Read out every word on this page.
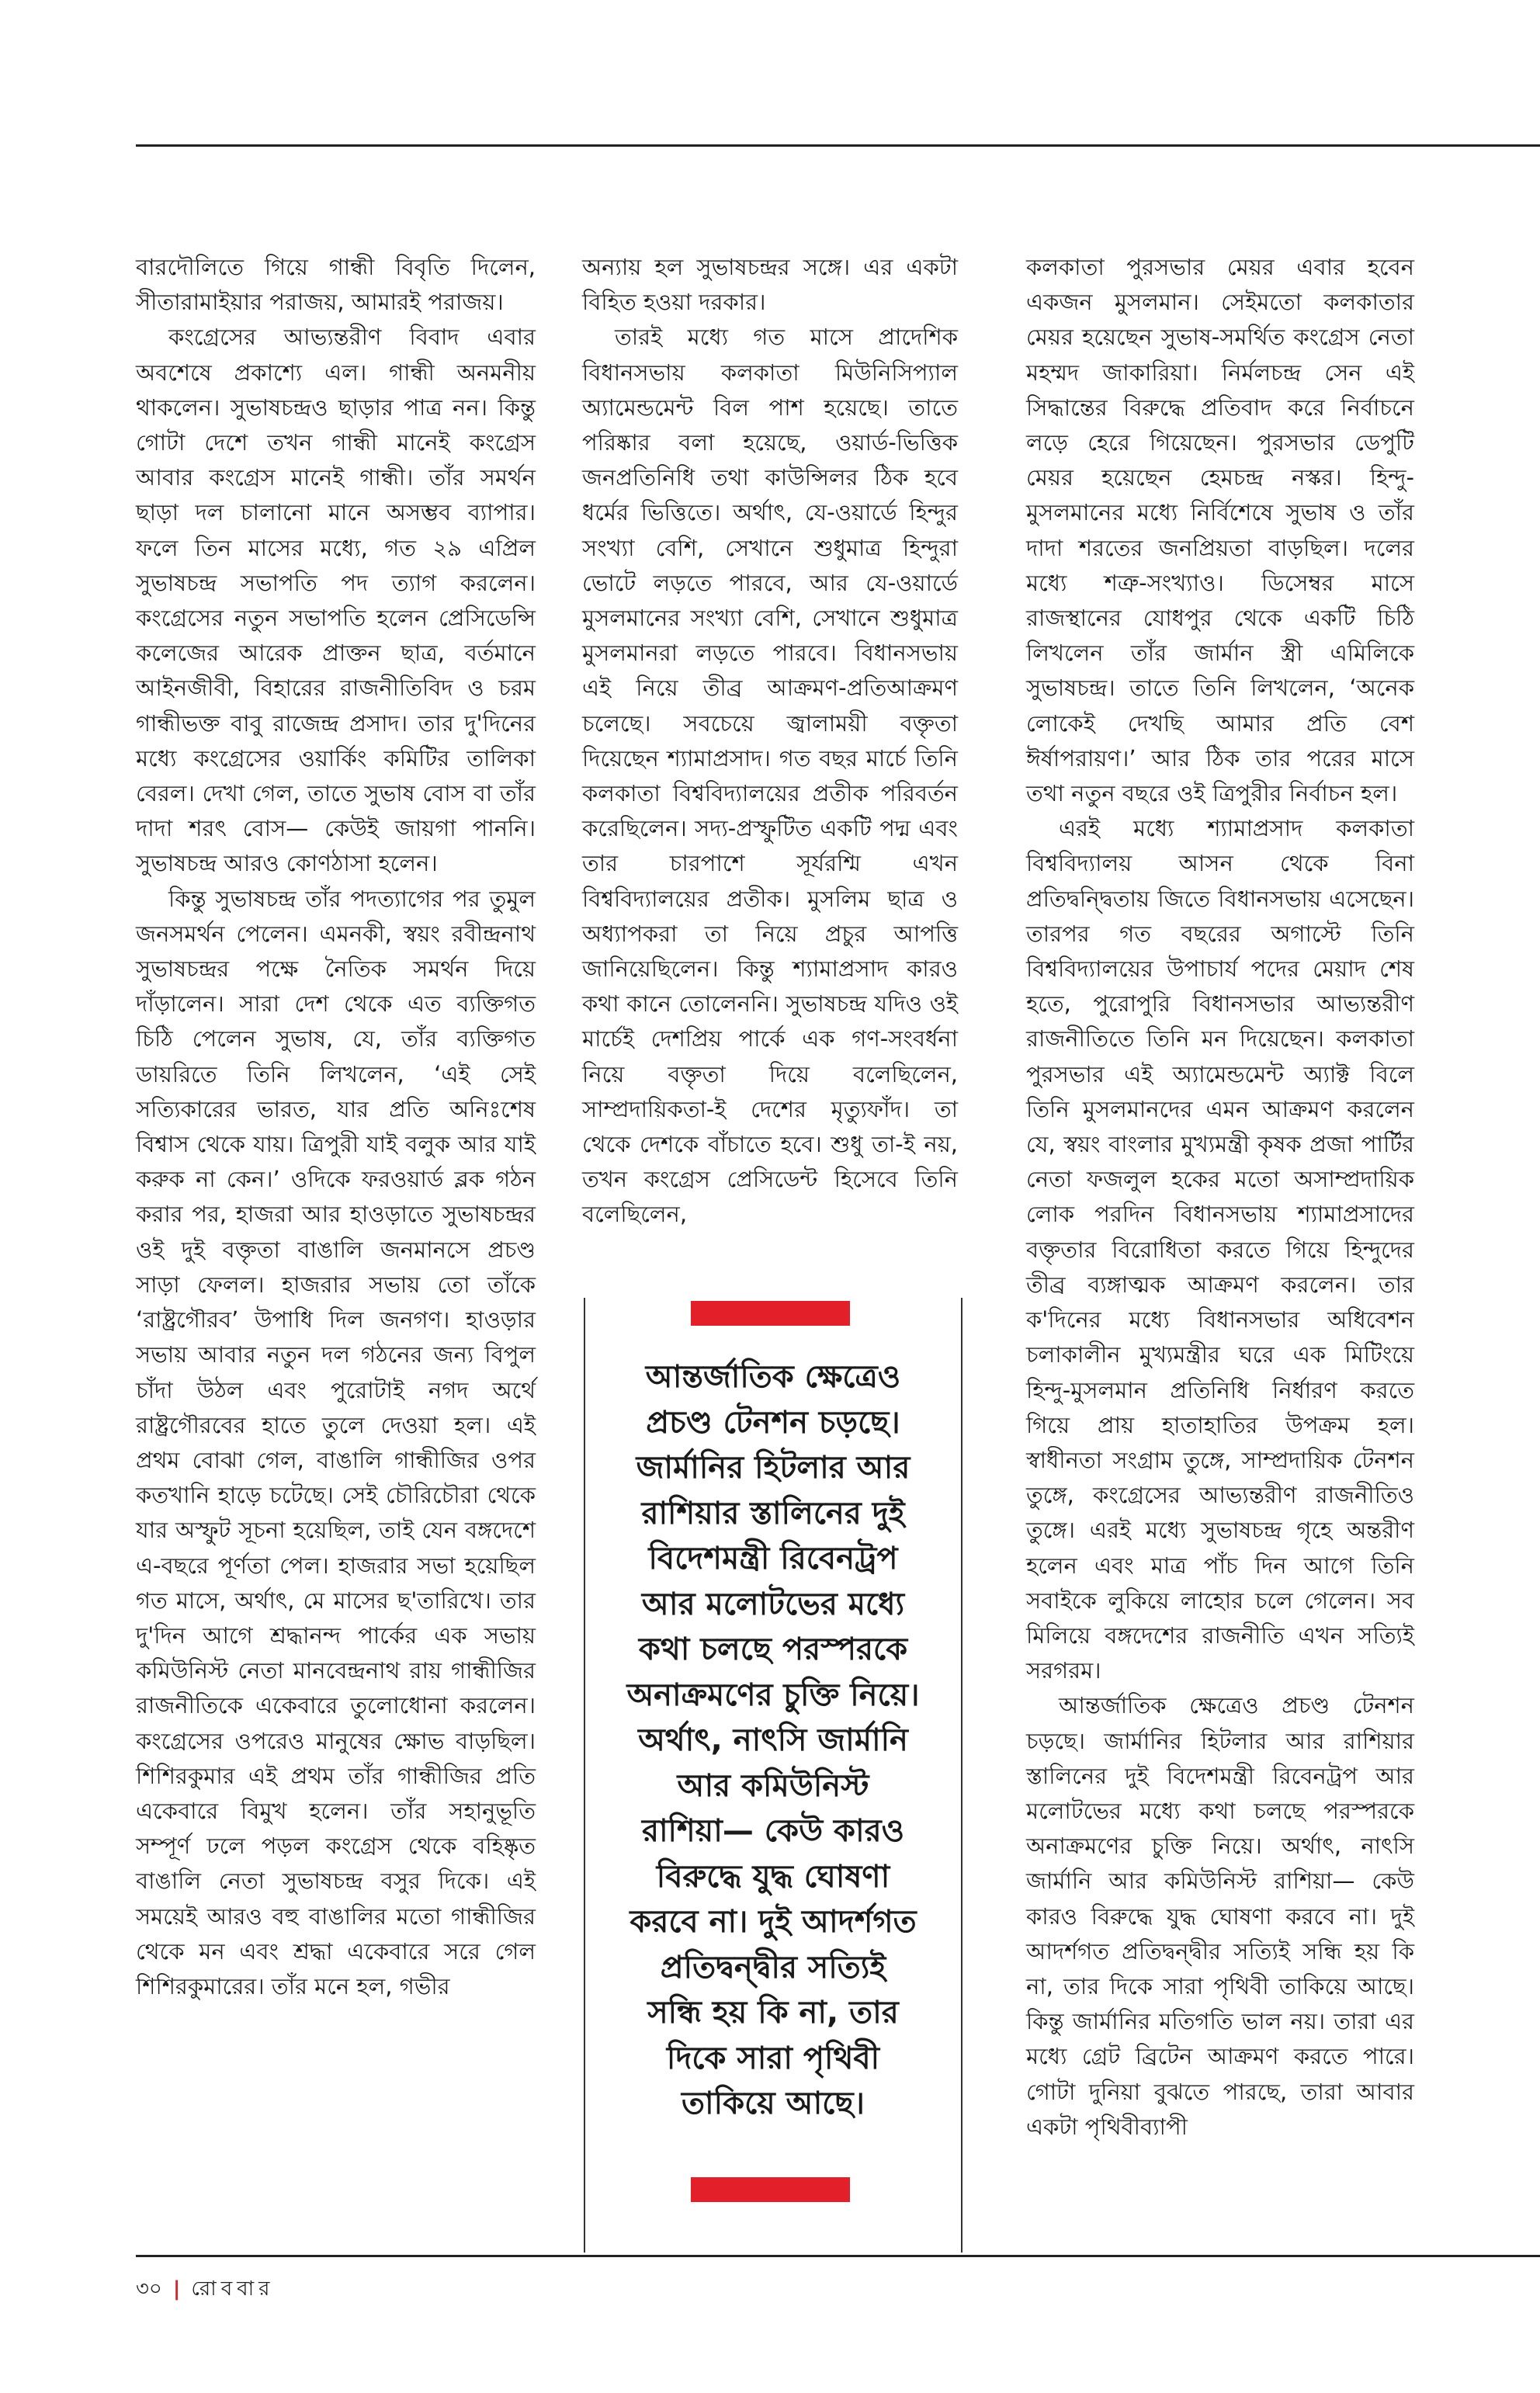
বারদৌলিতে গিয়ে গান্ধী বিবৃতি দিলেন, সীতারামাইয়ার পরাজয়, আমারই পরাজয়।

কংগ্রেসের আভ্যন্তরীণ বিবাদ এবার অবশেষে প্রকাশ্যে এল। গান্ধী অনমনীয় থাকলেন। সুভাষচন্দ্রও ছাড়ার পাত্র নন। কিন্তু গোটা দেশে তখন গান্ধী মানেই কংগ্রেস আবার কংগ্রেস মানেই গান্ধী। তাঁর সমর্থন ছাড়া দল চালানো মানে অসম্ভব ব্যাপার। ফলে তিন মাসের মধ্যে, গত ২৯ এপ্রিল সুভাষচন্দ্র সভাপতি পদ ত্যাগ করলেন। কংগ্রেসের নতুন সভাপতি হলেন প্রেসিডেন্সি কলেজের আরেক প্রাক্তন ছাত্র, বর্তমানে আইনজীবী, বিহারের রাজনীতিবিদ ও চরম গান্ধীভক্ত বাবু রাজেন্দ্র প্রসাদ। তার দু'দিনের মধ্যে কংগ্রেসের ওয়ার্কিং কমিটির তালিকা বেরল। দেখা গেল, তাতে সুভাষ বোস বা তাঁর দাদা শরৎ বোস— কেউই জায়গা পাননি। সুভাষচন্দ্র আরও কোণঠাসা হলেন।

কিন্তু সুভাষচন্দ্র তাঁর পদত্যাগের পর তুমুল জনসমর্থন পেলেন। এমনকী, স্বয়ং রবীন্দ্রনাথ সুভাষচন্দ্রর পক্ষে নৈতিক সমর্থন দিয়ে দাঁড়ালেন। সারা দেশ থেকে এত ব্যক্তিগত চিঠি পেলেন সুভাষ, যে, তাঁর ব্যক্তিগত ডায়রিতে তিনি লিখলেন, ‘এই সেই সত্যিকারের ভারত, যার প্রতি অনিঃশেষ বিশ্বাস থেকে যায়। ত্রিপুরী যাই বলুক আর যাই করুক না কেন।’ ওদিকে ফরওয়ার্ড ব্লক গঠন করার পর, হাজরা আর হাওড়াতে সুভাষচন্দ্রর ওই দুই বক্তৃতা বাঙালি জনমানসে প্রচণ্ড সাড়া ফেলল। হাজরার সভায় তো তাঁকে ‘রাষ্ট্রগৌরব’ উপাধি দিল জনগণ। হাওড়ার সভায় আবার নতুন দল গঠনের জন্য বিপুল চাঁদা উঠল এবং পুরোটাই নগদ অর্থে রাষ্ট্রগৌরবের হাতে তুলে দেওয়া হল। এই প্রথম বোঝা গেল, বাঙালি গান্ধীজির ওপর কতখানি হাড়ে চটেছে। সেই চৌরিচৌরা থেকে যার অস্ফুট সূচনা হয়েছিল, তাই যেন বঙ্গদেশে এ-বছরে পূর্ণতা পেল। হাজরার সভা হয়েছিল গত মাসে, অর্থাৎ, মে মাসের ছ'তারিখে। তার দু'দিন আগে শ্রদ্ধানন্দ পার্কের এক সভায় কমিউনিস্ট নেতা মানবেন্দ্রনাথ রায় গান্ধীজির রাজনীতিকে একেবারে তুলোধোনা করলেন। কংগ্রেসের ওপরেও মানুষের ক্ষোভ বাড়ছিল। শিশিরকুমার এই প্রথম তাঁর গান্ধীজির প্রতি একেবারে বিমুখ হলেন। তাঁর সহানুভূতি সম্পূর্ণ ঢলে পড়ল কংগ্রেস থেকে বহিষ্কৃত বাঙালি নেতা সুভাষচন্দ্র বসুর দিকে। এই সময়েই আরও বহু বাঙালির মতো গান্ধীজির থেকে মন এবং শ্রদ্ধা একেবারে সরে গেল শিশিরকুমারের। তাঁর মনে হল, গভীর

অন্যায় হল সুভাষচন্দ্রর সঙ্গে। এর একটা বিহিত হওয়া দরকার।

তারই মধ্যে গত মাসে প্রাদেশিক বিধানসভায় কলকাতা মিউনিসিপ্যাল অ্যামেন্ডমেন্ট বিল পাশ হয়েছে। তাতে পরিষ্কার বলা হয়েছে, ওয়ার্ড-ভিত্তিক জনপ্রতিনিধি তথা কাউন্সিলর ঠিক হবে ধর্মের ভিত্তিতে। অর্থাৎ, যে-ওয়ার্ডে হিন্দুর সংখ্যা বেশি, সেখানে শুধুমাত্র হিন্দুরা ভোটে লড়তে পারবে, আর যে-ওয়ার্ডে মুসলমানের সংখ্যা বেশি, সেখানে শুধুমাত্র মুসলমানরা লড়তে পারবে। বিধানসভায় এই নিয়ে তীব্র আক্রমণ-প্রতিআক্রমণ চলেছে। সবচেয়ে জ্বালাময়ী বক্তৃতা দিয়েছেন শ্যামাপ্রসাদ। গত বছর মার্চে তিনি কলকাতা বিশ্ববিদ্যালয়ের প্রতীক পরিবর্তন করেছিলেন। সদ্য-প্রস্ফুটিত একটি পদ্ম এবং তার চারপাশে সূর্যরশ্মি এখন বিশ্ববিদ্যালয়ের প্রতীক। মুসলিম ছাত্র ও অধ্যাপকরা তা নিয়ে প্রচুর আপত্তি জানিয়েছিলেন। কিন্তু শ্যামাপ্রসাদ কারও কথা কানে তোলেননি। সুভাষচন্দ্র যদিও ওই মার্চেই দেশপ্রিয় পার্কে এক গণ-সংবর্ধনা নিয়ে বক্তৃতা দিয়ে বলেছিলেন, সাম্প্রদায়িকতা-ই দেশের মৃত্যুফাঁদ। তা থেকে দেশকে বাঁচাতে হবে। শুধু তা-ই নয়, তখন কংগ্রেস প্রেসিডেন্ট হিসেবে তিনি বলেছিলেন,

আন্তর্জাতিক ক্ষেত্রেও
প্রচণ্ড টেনশন চড়ছে।
জার্মানির হিটলার আর
রাশিয়ার স্তালিনের দুই
বিদেশমন্ত্রী রিবেনট্রপ
আর মলোটভের মধ্যে
কথা চলছে পরস্পরকে
অনাক্রমণের চুক্তি নিয়ে।
অর্থাৎ, নাৎসি জার্মানি
আর কমিউনিস্ট
রাশিয়া— কেউ কারও
বিরুদ্ধে যুদ্ধ ঘোষণা
করবে না। দুই আদর্শগত
প্রতিদ্বন্দ্বীর সত্যিই
সন্ধি হয় কি না, তার
দিকে সারা পৃথিবী
তাকিয়ে আছে।

কলকাতা পুরসভার মেয়র এবার হবেন একজন মুসলমান। সেইমতো কলকাতার মেয়র হয়েছেন সুভাষ-সমর্থিত কংগ্রেস নেতা মহম্মদ জাকারিয়া। নির্মলচন্দ্র সেন এই সিদ্ধান্তের বিরুদ্ধে প্রতিবাদ করে নির্বাচনে লড়ে হেরে গিয়েছেন। পুরসভার ডেপুটি মেয়র হয়েছেন হেমচন্দ্র নস্কর। হিন্দু-মুসলমানের মধ্যে নির্বিশেষে সুভাষ ও তাঁর দাদা শরতের জনপ্রিয়তা বাড়ছিল। দলের মধ্যে শত্রু-সংখ্যাও। ডিসেম্বর মাসে রাজস্থানের যোধপুর থেকে একটি চিঠি লিখলেন তাঁর জার্মান স্ত্রী এমিলিকে সুভাষচন্দ্র। তাতে তিনি লিখলেন, ‘অনেক লোকেই দেখছি আমার প্রতি বেশ ঈর্ষাপরায়ণ।’ আর ঠিক তার পরের মাসে তথা নতুন বছরে ওই ত্রিপুরীর নির্বাচন হল।

এরই মধ্যে শ্যামাপ্রসাদ কলকাতা বিশ্ববিদ্যালয় আসন থেকে বিনা প্রতিদ্বন্দ্বিতায় জিতে বিধানসভায় এসেছেন। তারপর গত বছরের অগাস্টে তিনি বিশ্ববিদ্যালয়ের উপাচার্য পদের মেয়াদ শেষ হতে, পুরোপুরি বিধানসভার আভ্যন্তরীণ রাজনীতিতে তিনি মন দিয়েছেন। কলকাতা পুরসভার এই অ্যামেন্ডমেন্ট অ্যাক্ট বিলে তিনি মুসলমানদের এমন আক্রমণ করলেন যে, স্বয়ং বাংলার মুখ্যমন্ত্রী কৃষক প্রজা পার্টির নেতা ফজলুল হকের মতো অসাম্প্রদায়িক লোক পরদিন বিধানসভায় শ্যামাপ্রসাদের বক্তৃতার বিরোধিতা করতে গিয়ে হিন্দুদের তীব্র ব্যঙ্গাত্মক আক্রমণ করলেন। তার ক'দিনের মধ্যে বিধানসভার অধিবেশন চলাকালীন মুখ্যমন্ত্রীর ঘরে এক মিটিংয়ে হিন্দু-মুসলমান প্রতিনিধি নির্ধারণ করতে গিয়ে প্রায় হাতাহাতির উপক্রম হল। স্বাধীনতা সংগ্রাম তুঙ্গে, সাম্প্রদায়িক টেনশন তুঙ্গে, কংগ্রেসের আভ্যন্তরীণ রাজনীতিও তুঙ্গে। এরই মধ্যে সুভাষচন্দ্র গৃহে অন্তরীণ হলেন এবং মাত্র পাঁচ দিন আগে তিনি সবাইকে লুকিয়ে লাহোর চলে গেলেন। সব মিলিয়ে বঙ্গদেশের রাজনীতি এখন সত্যিই সরগরম।

আন্তর্জাতিক ক্ষেত্রেও প্রচণ্ড টেনশন চড়ছে। জার্মানির হিটলার আর রাশিয়ার স্তালিনের দুই বিদেশমন্ত্রী রিবেনট্রপ আর মলোটভের মধ্যে কথা চলছে পরস্পরকে অনাক্রমণের চুক্তি নিয়ে। অর্থাৎ, নাৎসি জার্মানি আর কমিউনিস্ট রাশিয়া— কেউ কারও বিরুদ্ধে যুদ্ধ ঘোষণা করবে না। দুই আদর্শগত প্রতিদ্বন্দ্বীর সত্যিই সন্ধি হয় কি না, তার দিকে সারা পৃথিবী তাকিয়ে আছে। কিন্তু জার্মানির মতিগতি ভাল নয়। তারা এর মধ্যে গ্রেট ব্রিটেন আক্রমণ করতে পারে। গোটা দুনিয়া বুঝতে পারছে, তারা আবার একটা পৃথিবীব্যাপী

৩০ | রোববার
